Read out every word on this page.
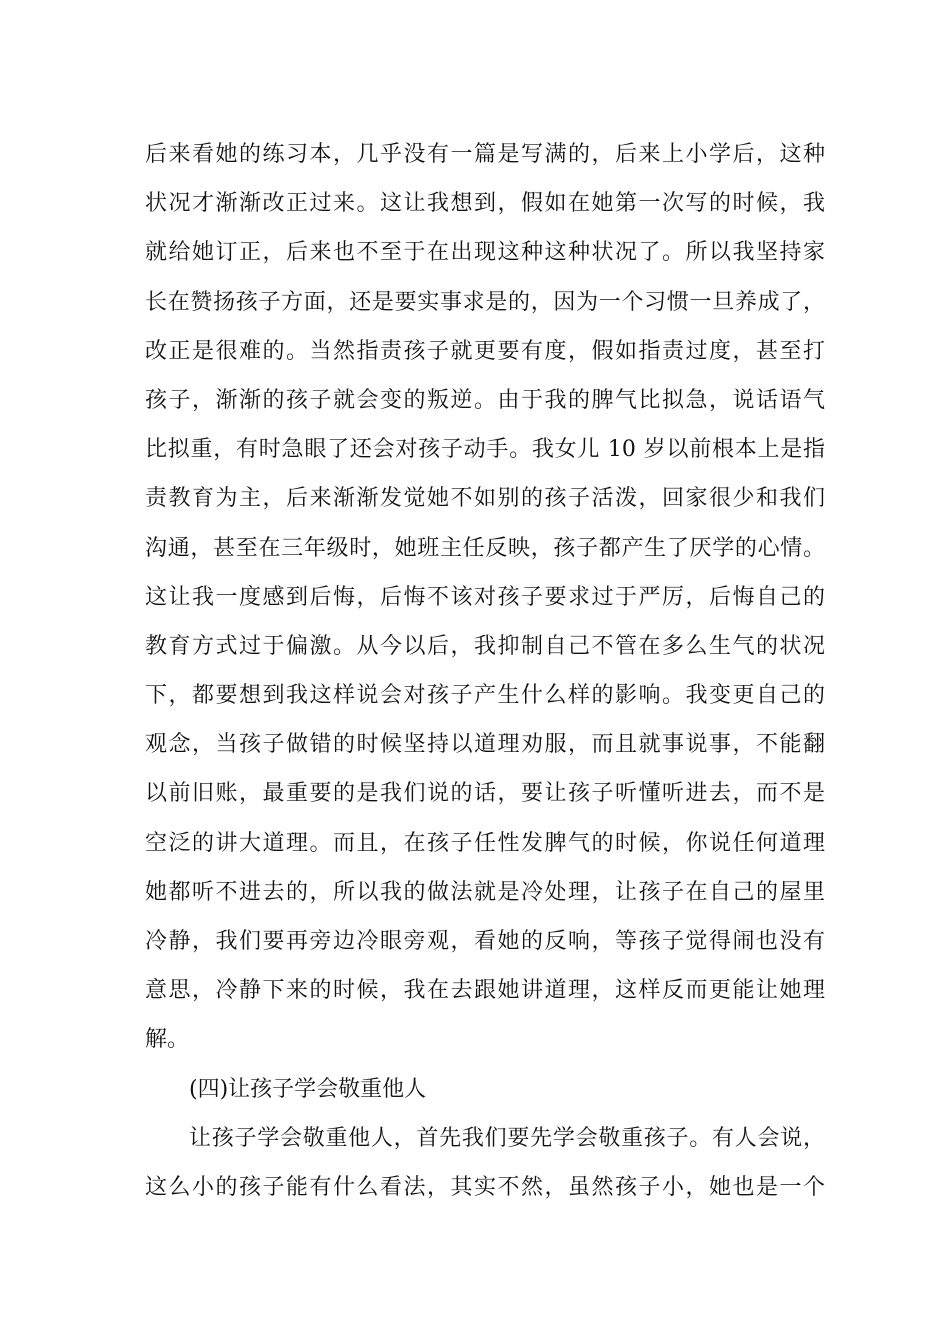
后来看她的练习本，几乎没有一篇是写满的，后来上小学后，这种
状况才渐渐改正过来。这让我想到，假如在她第一次写的时候，我
就给她订正，后来也不至于在出现这种这种状况了。所以我坚持家
长在赞扬孩子方面，还是要实事求是的，因为一个习惯一旦养成了，
改正是很难的。当然指责孩子就更要有度，假如指责过度，甚至打
孩子，渐渐的孩子就会变的叛逆。由于我的脾气比拟急，说话语气
比拟重，有时急眼了还会对孩子动手。我女儿 10 岁以前根本上是指
责教育为主，后来渐渐发觉她不如别的孩子活泼，回家很少和我们
沟通，甚至在三年级时，她班主任反映，孩子都产生了厌学的心情。
这让我一度感到后悔，后悔不该对孩子要求过于严厉，后悔自己的
教育方式过于偏激。从今以后，我抑制自己不管在多么生气的状况
下，都要想到我这样说会对孩子产生什么样的影响。我变更自己的
观念，当孩子做错的时候坚持以道理劝服，而且就事说事，不能翻
以前旧账，最重要的是我们说的话，要让孩子听懂听进去，而不是
空泛的讲大道理。而且，在孩子任性发脾气的时候，你说任何道理
她都听不进去的，所以我的做法就是冷处理，让孩子在自己的屋里
冷静，我们要再旁边冷眼旁观，看她的反响，等孩子觉得闹也没有
意思，冷静下来的时候，我在去跟她讲道理，这样反而更能让她理
解。
(四)让孩子学会敬重他人
让孩子学会敬重他人，首先我们要先学会敬重孩子。有人会说，
这么小的孩子能有什么看法，其实不然，虽然孩子小，她也是一个
